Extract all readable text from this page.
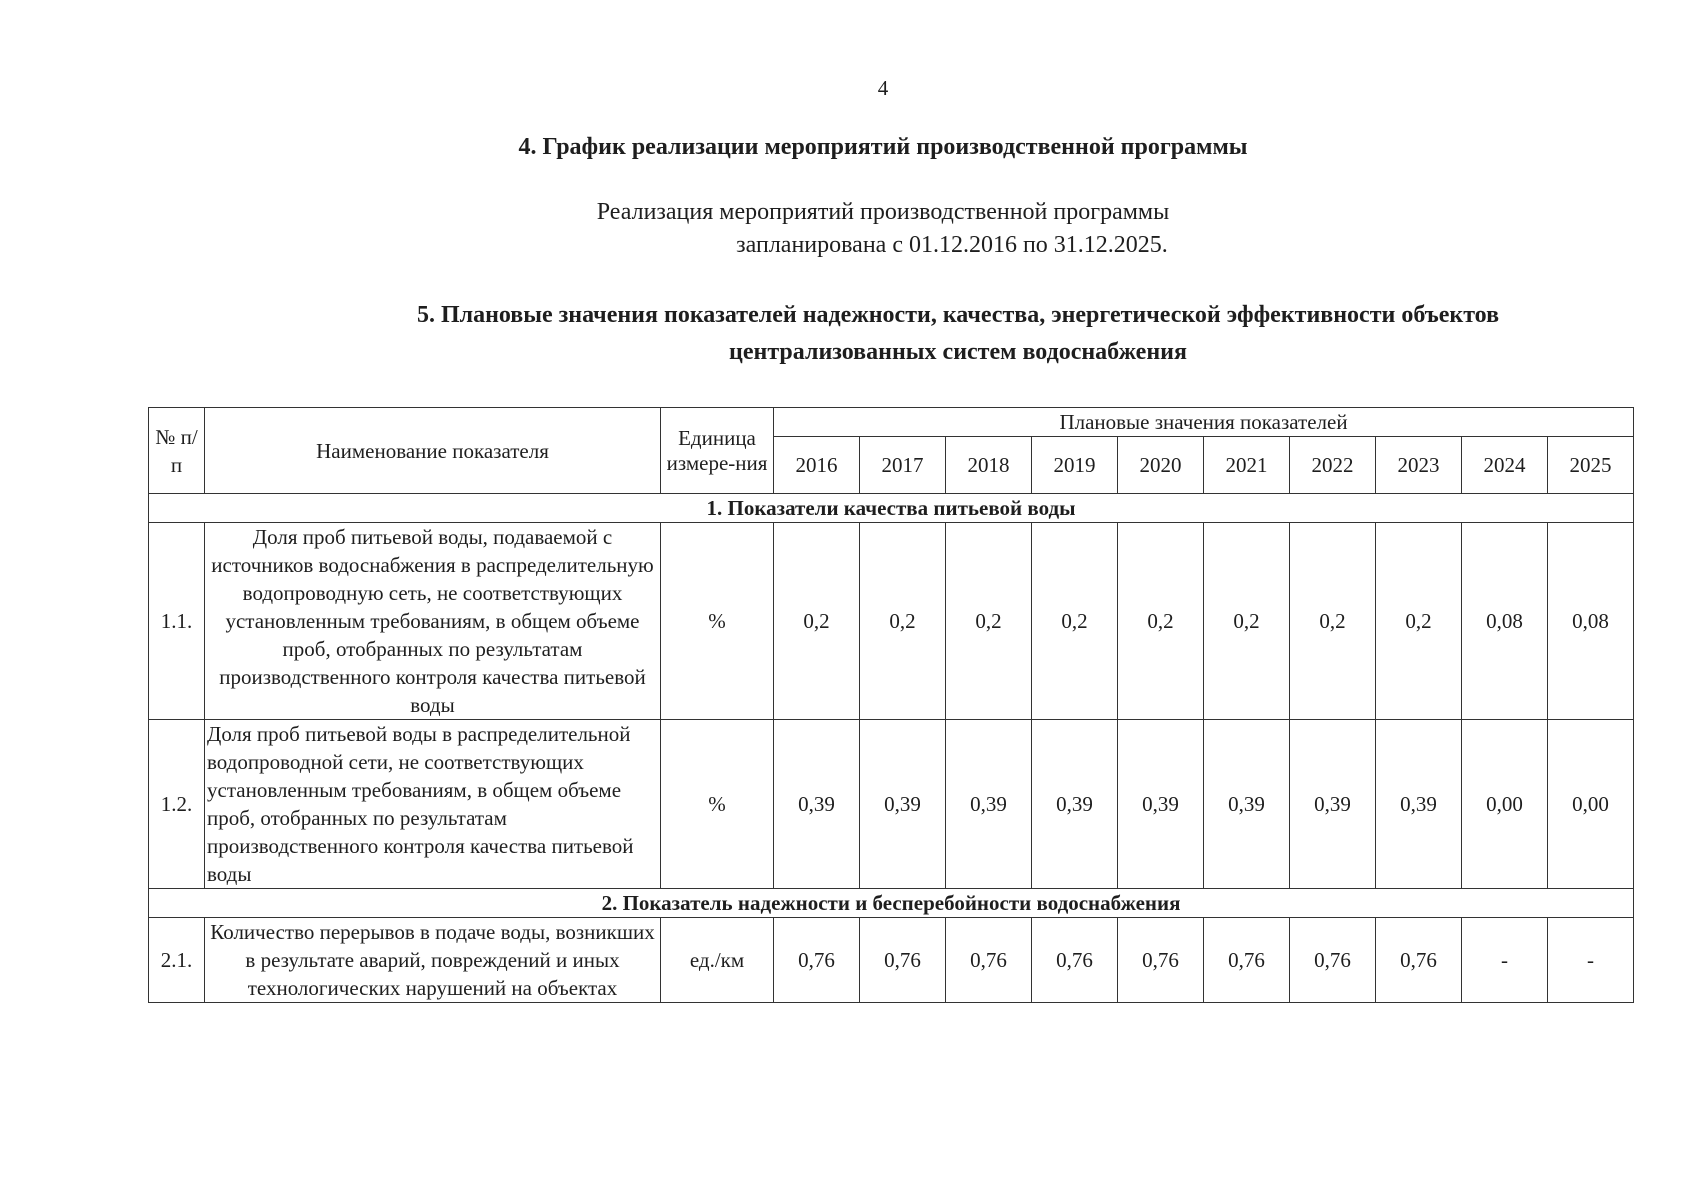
4
4. График реализации мероприятий производственной программы
Реализация мероприятий производственной программы
запланирована с 01.12.2016 по 31.12.2025.
5. Плановые значения показателей надежности, качества, энергетической эффективности объектов
централизованных систем водоснабжения
№ п/п	Наименование показателя	Единица измере-ния	Плановые значения показателей									
			2016	2017	2018	2019	2020	2021	2022	2023	2024	2025
1. Показатели качества питьевой воды												
1.1.	Доля проб питьевой воды, подаваемой с источников водоснабжения в распределительную водопроводную сеть, не соответствующих установленным требованиям, в общем объеме проб, отобранных по результатам производственного контроля качества питьевой воды	%	0,2	0,2	0,2	0,2	0,2	0,2	0,2	0,2	0,08	0,08
1.2.	Доля проб питьевой воды в распределительной водопроводной сети, не соответствующих установленным требованиям, в общем объеме проб, отобранных по результатам производственного контроля качества питьевой воды	%	0,39	0,39	0,39	0,39	0,39	0,39	0,39	0,39	0,00	0,00
2. Показатель надежности и бесперебойности водоснабжения												
2.1.	Количество перерывов в подаче воды, возникших в результате аварий, повреждений и иных технологических нарушений на объектах	ед./км	0,76	0,76	0,76	0,76	0,76	0,76	0,76	0,76	-	-
